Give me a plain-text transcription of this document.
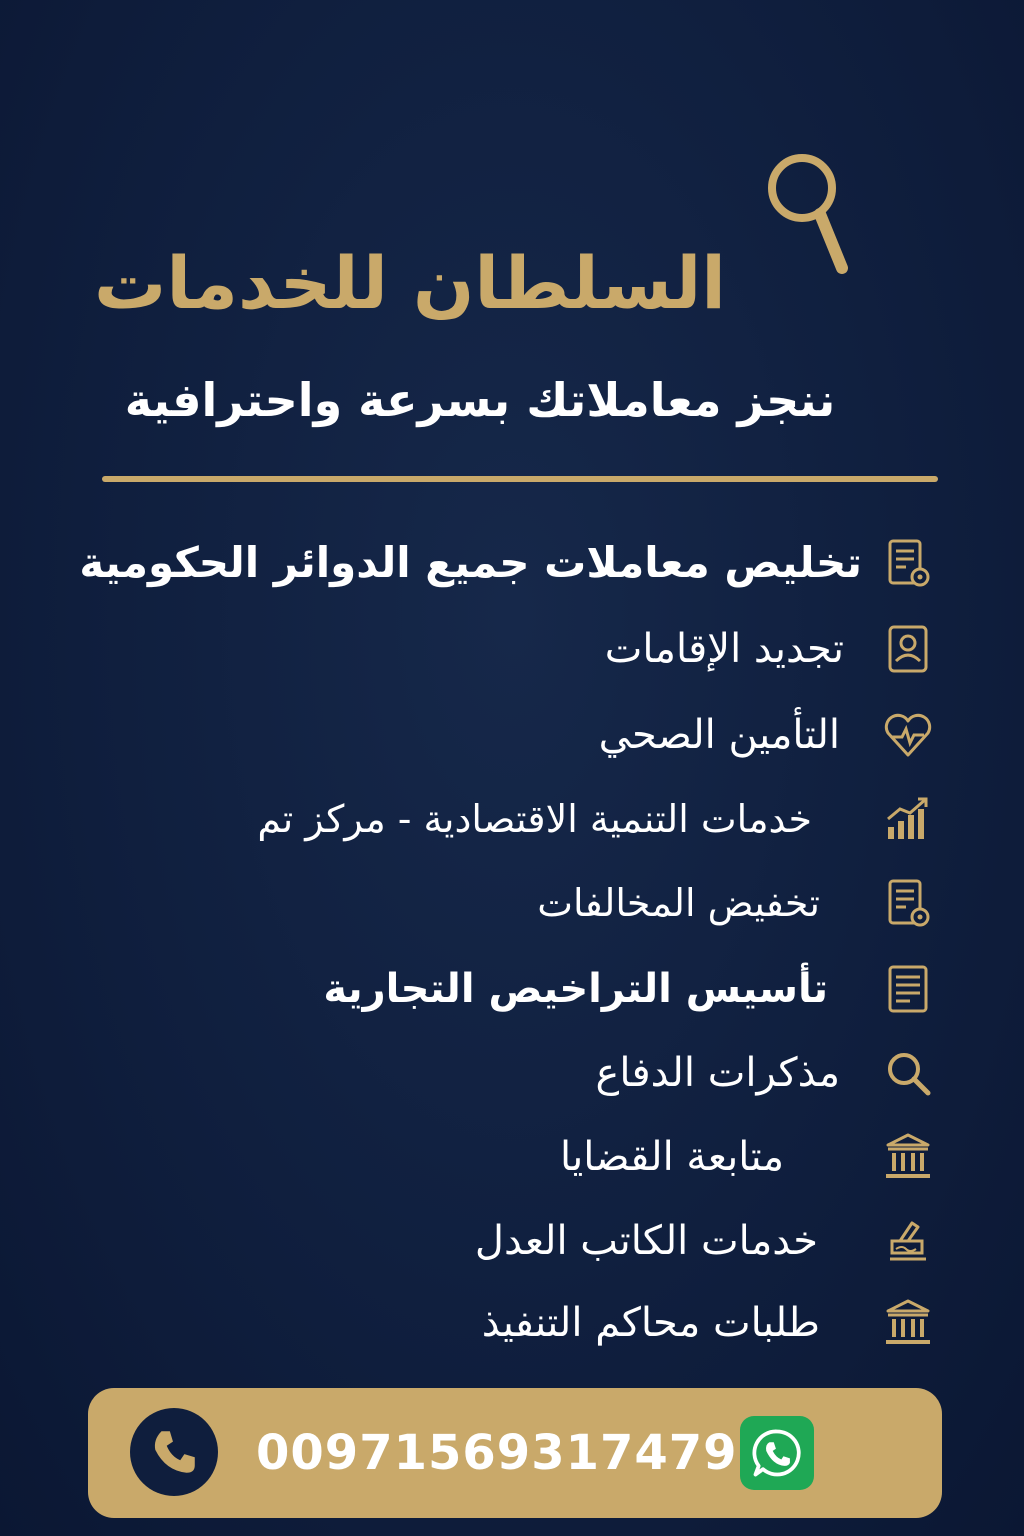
السلطان للخدمات
ننجز معاملاتك بسرعة واحترافية
تخليص معاملات جميع الدوائر الحكومية
تجديد الإقامات
التأمين الصحي
خدمات التنمية الاقتصادية - مركز تم
تخفيض المخالفات
تأسيس التراخيص التجارية
مذكرات الدفاع
متابعة القضايا
خدمات الكاتب العدل
طلبات محاكم التنفيذ
00971569317479
